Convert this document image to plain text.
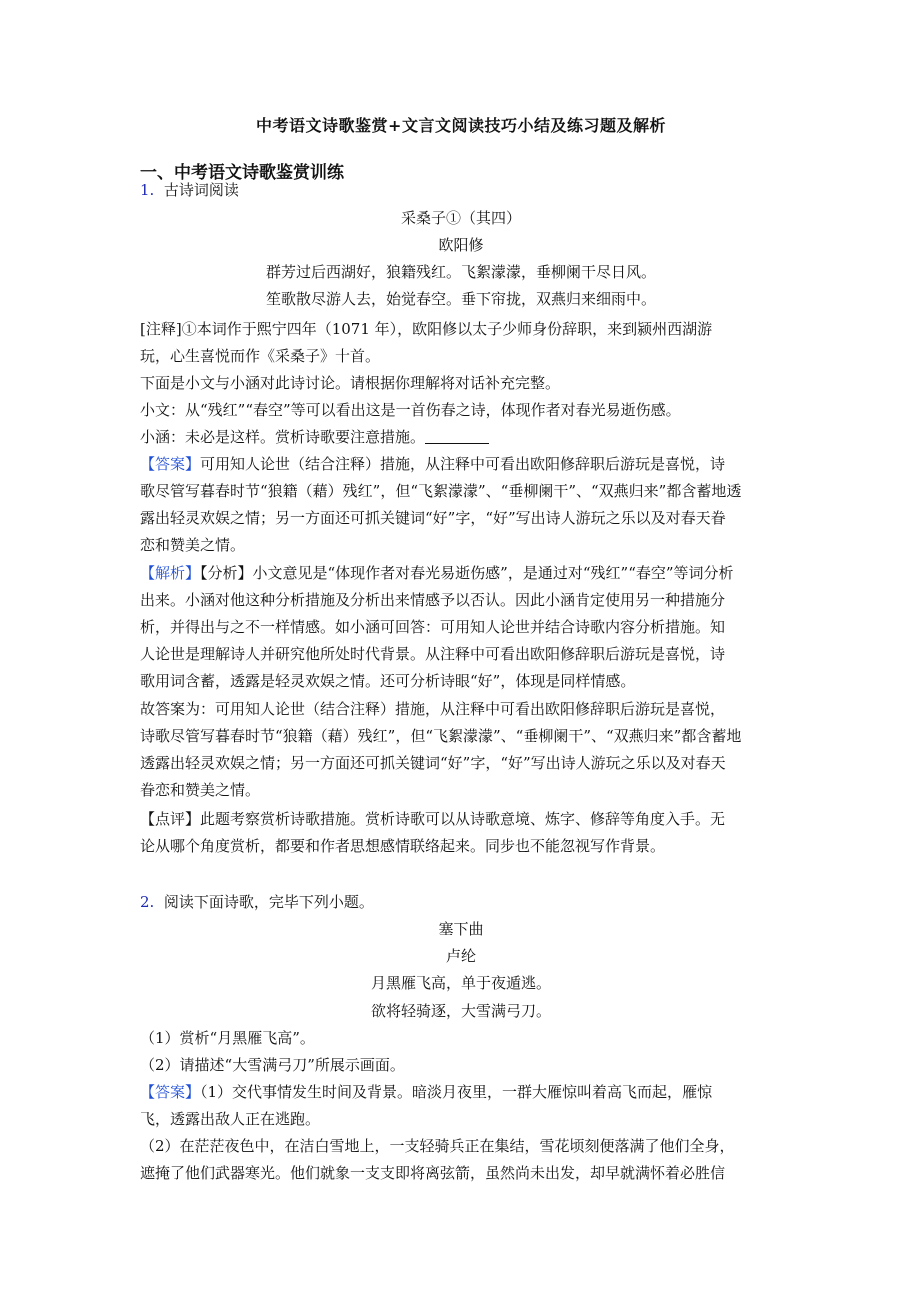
中考语文诗歌鉴赏+文言文阅读技巧小结及练习题及解析
一、中考语文诗歌鉴赏训练
1. 古诗词阅读
采桑子①（其四）
欧阳修
群芳过后西湖好，狼籍残红。飞絮濛濛，垂柳阑干尽日风。
笙歌散尽游人去，始觉春空。垂下帘拢，双燕归来细雨中。
[注释]①本词作于熙宁四年（1071 年），欧阳修以太子少师身份辞职，来到颍州西湖游
玩，心生喜悦而作《采桑子》十首。
下面是小文与小涵对此诗讨论。请根据你理解将对话补充完整。
小文：从“残红”“春空”等可以看出这是一首伤春之诗，体现作者对春光易逝伤感。
小涵：未必是这样。赏析诗歌要注意措施。
【答案】可用知人论世（结合注释）措施，从注释中可看出欧阳修辞职后游玩是喜悦，诗
歌尽管写暮春时节“狼籍（藉）残红”，但“飞絮濛濛”、“垂柳阑干”、“双燕归来”都含蓄地透
露出轻灵欢娱之情；另一方面还可抓关键词“好”字，“好”写出诗人游玩之乐以及对春天眷
恋和赞美之情。
【解析】【分析】小文意见是“体现作者对春光易逝伤感”，是通过对“残红”“春空”等词分析
出来。小涵对他这种分析措施及分析出来情感予以否认。因此小涵肯定使用另一种措施分
析，并得出与之不一样情感。如小涵可回答：可用知人论世并结合诗歌内容分析措施。知
人论世是理解诗人并研究他所处时代背景。从注释中可看出欧阳修辞职后游玩是喜悦，诗
歌用词含蓄，透露是轻灵欢娱之情。还可分析诗眼“好”，体现是同样情感。
故答案为：可用知人论世（结合注释）措施，从注释中可看出欧阳修辞职后游玩是喜悦，
诗歌尽管写暮春时节“狼籍（藉）残红”，但“飞絮濛濛”、“垂柳阑干”、“双燕归来”都含蓄地
透露出轻灵欢娱之情；另一方面还可抓关键词“好”字，“好”写出诗人游玩之乐以及对春天
眷恋和赞美之情。
【点评】此题考察赏析诗歌措施。赏析诗歌可以从诗歌意境、炼字、修辞等角度入手。无
论从哪个角度赏析，都要和作者思想感情联络起来。同步也不能忽视写作背景。
2. 阅读下面诗歌，完毕下列小题。
塞下曲
卢纶
月黑雁飞高，单于夜遁逃。
欲将轻骑逐，大雪满弓刀。
（1）赏析“月黑雁飞高”。
（2）请描述“大雪满弓刀”所展示画面。
【答案】（1）交代事情发生时间及背景。暗淡月夜里，一群大雁惊叫着高飞而起，雁惊
飞，透露出敌人正在逃跑。
（2）在茫茫夜色中，在洁白雪地上，一支轻骑兵正在集结，雪花顷刻便落满了他们全身，
遮掩了他们武器寒光。他们就象一支支即将离弦箭，虽然尚未出发，却早就满怀着必胜信
